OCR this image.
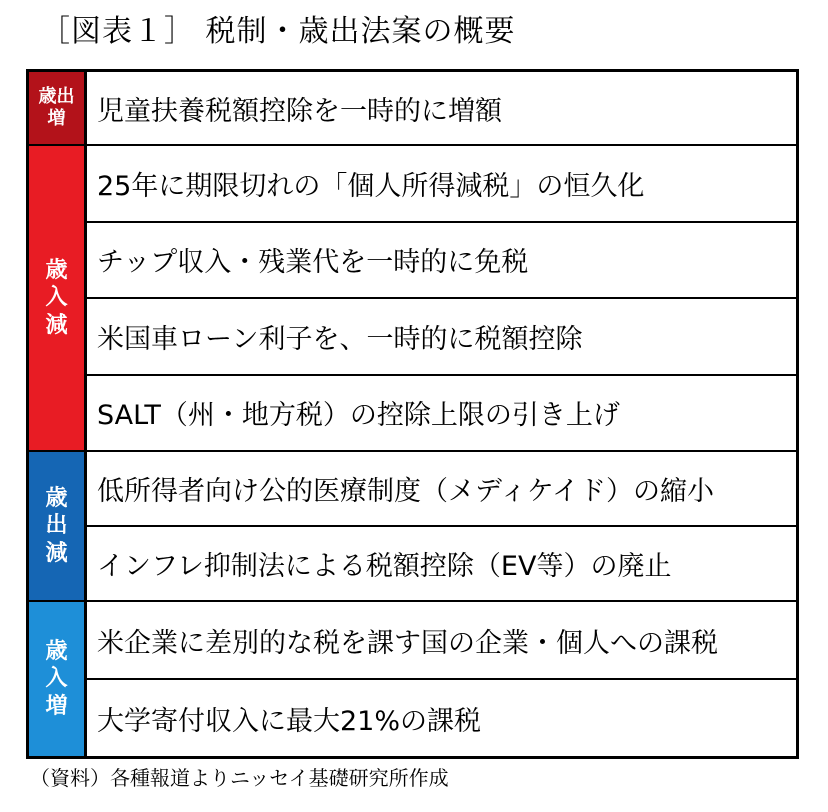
［図表１］ 税制・歳出法案の概要
歳出増	児童扶養税額控除を一時的に増額
歳入減
25年に期限切れの「個人所得減税」の恒久化
チップ収入・残業代を一時的に免税
米国車ローン利子を、一時的に税額控除
SALT（州・地方税）の控除上限の引き上げ
歳出減
低所得者向け公的医療制度（メディケイド）の縮小
インフレ抑制法による税額控除（EV等）の廃止
歳入増
米企業に差別的な税を課す国の企業・個人への課税
大学寄付収入に最大21%の課税
（資料）各種報道よりニッセイ基礎研究所作成
